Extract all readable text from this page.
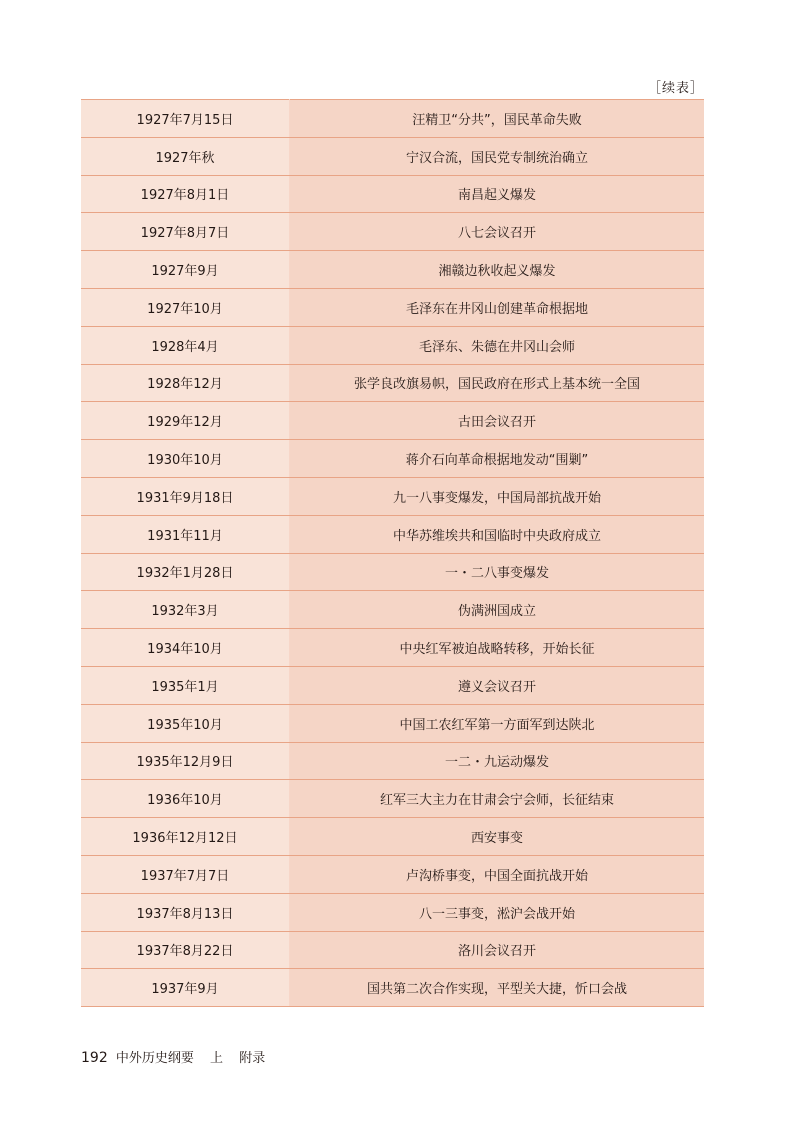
［续表］
1927年7月15日	汪精卫“分共”，国民革命失败
1927年秋	宁汉合流，国民党专制统治确立
1927年8月1日	南昌起义爆发
1927年8月7日	八七会议召开
1927年9月	湘赣边秋收起义爆发
1927年10月	毛泽东在井冈山创建革命根据地
1928年4月	毛泽东、朱德在井冈山会师
1928年12月	张学良改旗易帜，国民政府在形式上基本统一全国
1929年12月	古田会议召开
1930年10月	蒋介石向革命根据地发动“围剿”
1931年9月18日	九一八事变爆发，中国局部抗战开始
1931年11月	中华苏维埃共和国临时中央政府成立
1932年1月28日	一・二八事变爆发
1932年3月	伪满洲国成立
1934年10月	中央红军被迫战略转移，开始长征
1935年1月	遵义会议召开
1935年10月	中国工农红军第一方面军到达陕北
1935年12月9日	一二・九运动爆发
1936年10月	红军三大主力在甘肃会宁会师，长征结束
1936年12月12日	西安事变
1937年7月7日	卢沟桥事变，中国全面抗战开始
1937年8月13日	八一三事变，淞沪会战开始
1937年8月22日	洛川会议召开
1937年9月	国共第二次合作实现，平型关大捷，忻口会战
192 中外历史纲要 上 附录
